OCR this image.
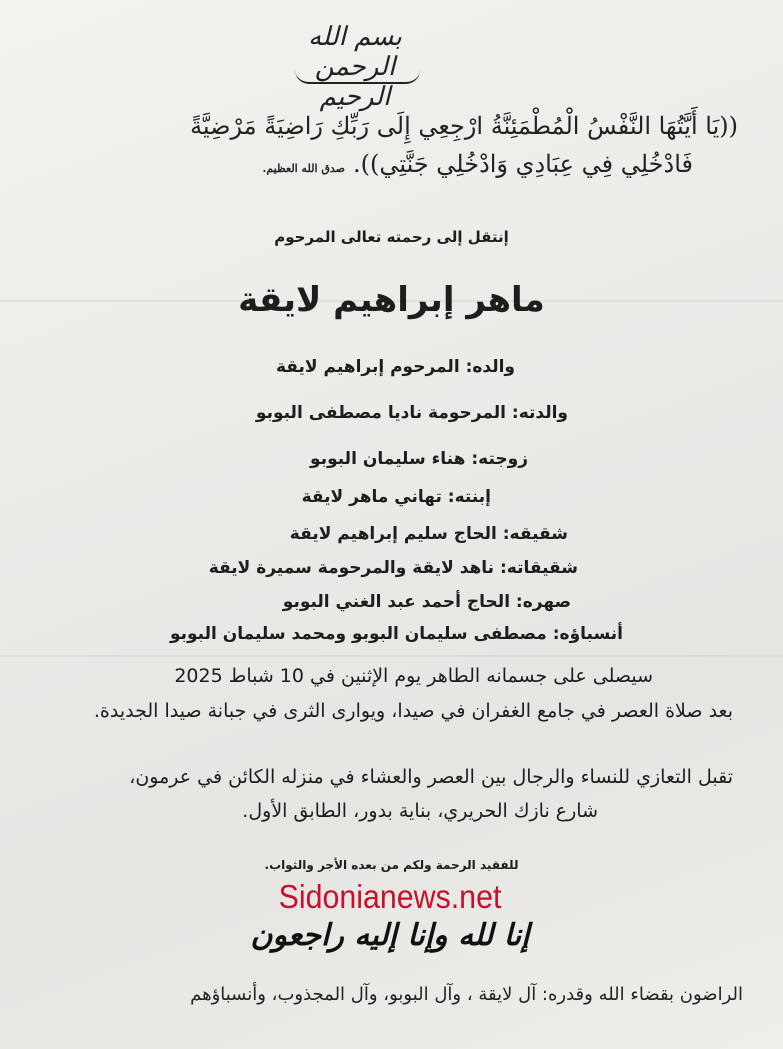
بسم الله الرحمن الرحيم
((يَا أَيَّتُهَا النَّفْسُ الْمُطْمَئِنَّةُ ارْجِعِي إِلَى رَبِّكِ رَاضِيَةً مَرْضِيَّةً
فَادْخُلِي فِي عِبَادِي وَادْخُلِي جَنَّتِي)).صدق الله العظيم.
إنتقل إلى رحمته تعالى المرحوم
ماهر إبراهيم لايقة
والده: المرحوم إبراهيم لايقة
والدته: المرحومة ناديا مصطفى البوبو
زوجته: هناء سليمان البوبو
إبنته: تهاني ماهر لايقة
شقيقه: الحاج سليم إبراهيم لايقة
شقيقاته: ناهد لايقة والمرحومة سميرة لايقة
صهره: الحاج أحمد عبد الغني البوبو
أنسباؤه: مصطفى سليمان البوبو ومحمد سليمان البوبو
سيصلى على جسمانه الطاهر يوم الإثنين في 10 شباط 2025
بعد صلاة العصر في جامع الغفران في صيدا، ويوارى الثرى في جبانة صيدا الجديدة.
تقبل التعازي للنساء والرجال بين العصر والعشاء في منزله الكائن في عرمون،
شارع نازك الحريري، بناية بدور، الطابق الأول.
للفقيد الرحمة ولكم من بعده الأجر والثواب.
Sidonianews.net
إنا لله وإنا إليه راجعون
الراضون بقضاء الله وقدره: آل لايقة ، وآل البوبو، وآل المجذوب، وأنسباؤهم
